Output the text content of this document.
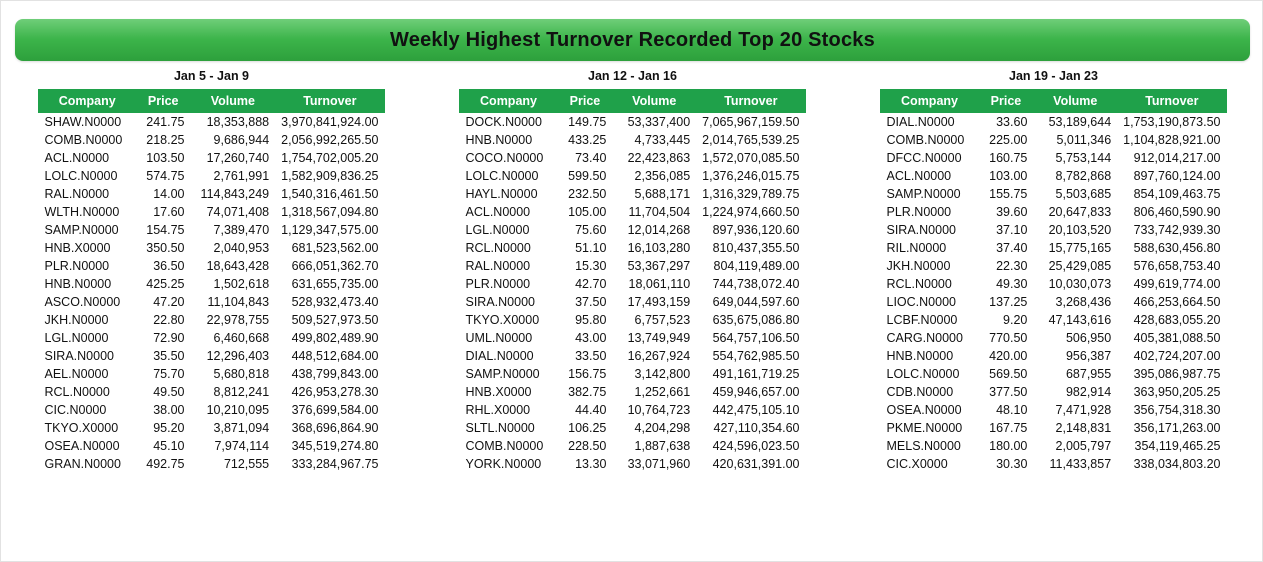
Weekly Highest Turnover Recorded Top 20 Stocks
Jan 5 - Jan 9
Company	Price	Volume	Turnover
SHAW.N0000	241.75	18,353,888	3,970,841,924.00
COMB.N0000	218.25	9,686,944	2,056,992,265.50
ACL.N0000	103.50	17,260,740	1,754,702,005.20
LOLC.N0000	574.75	2,761,991	1,582,909,836.25
RAL.N0000	14.00	114,843,249	1,540,316,461.50
WLTH.N0000	17.60	74,071,408	1,318,567,094.80
SAMP.N0000	154.75	7,389,470	1,129,347,575.00
HNB.X0000	350.50	2,040,953	681,523,562.00
PLR.N0000	36.50	18,643,428	666,051,362.70
HNB.N0000	425.25	1,502,618	631,655,735.00
ASCO.N0000	47.20	11,104,843	528,932,473.40
JKH.N0000	22.80	22,978,755	509,527,973.50
LGL.N0000	72.90	6,460,668	499,802,489.90
SIRA.N0000	35.50	12,296,403	448,512,684.00
AEL.N0000	75.70	5,680,818	438,799,843.00
RCL.N0000	49.50	8,812,241	426,953,278.30
CIC.N0000	38.00	10,210,095	376,699,584.00
TKYO.X0000	95.20	3,871,094	368,696,864.90
OSEA.N0000	45.10	7,974,114	345,519,274.80
GRAN.N0000	492.75	712,555	333,284,967.75
Jan 12 - Jan 16
Company	Price	Volume	Turnover
DOCK.N0000	149.75	53,337,400	7,065,967,159.50
HNB.N0000	433.25	4,733,445	2,014,765,539.25
COCO.N0000	73.40	22,423,863	1,572,070,085.50
LOLC.N0000	599.50	2,356,085	1,376,246,015.75
HAYL.N0000	232.50	5,688,171	1,316,329,789.75
ACL.N0000	105.00	11,704,504	1,224,974,660.50
LGL.N0000	75.60	12,014,268	897,936,120.60
RCL.N0000	51.10	16,103,280	810,437,355.50
RAL.N0000	15.30	53,367,297	804,119,489.00
PLR.N0000	42.70	18,061,110	744,738,072.40
SIRA.N0000	37.50	17,493,159	649,044,597.60
TKYO.X0000	95.80	6,757,523	635,675,086.80
UML.N0000	43.00	13,749,949	564,757,106.50
DIAL.N0000	33.50	16,267,924	554,762,985.50
SAMP.N0000	156.75	3,142,800	491,161,719.25
HNB.X0000	382.75	1,252,661	459,946,657.00
RHL.X0000	44.40	10,764,723	442,475,105.10
SLTL.N0000	106.25	4,204,298	427,110,354.60
COMB.N0000	228.50	1,887,638	424,596,023.50
YORK.N0000	13.30	33,071,960	420,631,391.00
Jan 19 - Jan 23
Company	Price	Volume	Turnover
DIAL.N0000	33.60	53,189,644	1,753,190,873.50
COMB.N0000	225.00	5,011,346	1,104,828,921.00
DFCC.N0000	160.75	5,753,144	912,014,217.00
ACL.N0000	103.00	8,782,868	897,760,124.00
SAMP.N0000	155.75	5,503,685	854,109,463.75
PLR.N0000	39.60	20,647,833	806,460,590.90
SIRA.N0000	37.10	20,103,520	733,742,939.30
RIL.N0000	37.40	15,775,165	588,630,456.80
JKH.N0000	22.30	25,429,085	576,658,753.40
RCL.N0000	49.30	10,030,073	499,619,774.00
LIOC.N0000	137.25	3,268,436	466,253,664.50
LCBF.N0000	9.20	47,143,616	428,683,055.20
CARG.N0000	770.50	506,950	405,381,088.50
HNB.N0000	420.00	956,387	402,724,207.00
LOLC.N0000	569.50	687,955	395,086,987.75
CDB.N0000	377.50	982,914	363,950,205.25
OSEA.N0000	48.10	7,471,928	356,754,318.30
PKME.N0000	167.75	2,148,831	356,171,263.00
MELS.N0000	180.00	2,005,797	354,119,465.25
CIC.X0000	30.30	11,433,857	338,034,803.20
